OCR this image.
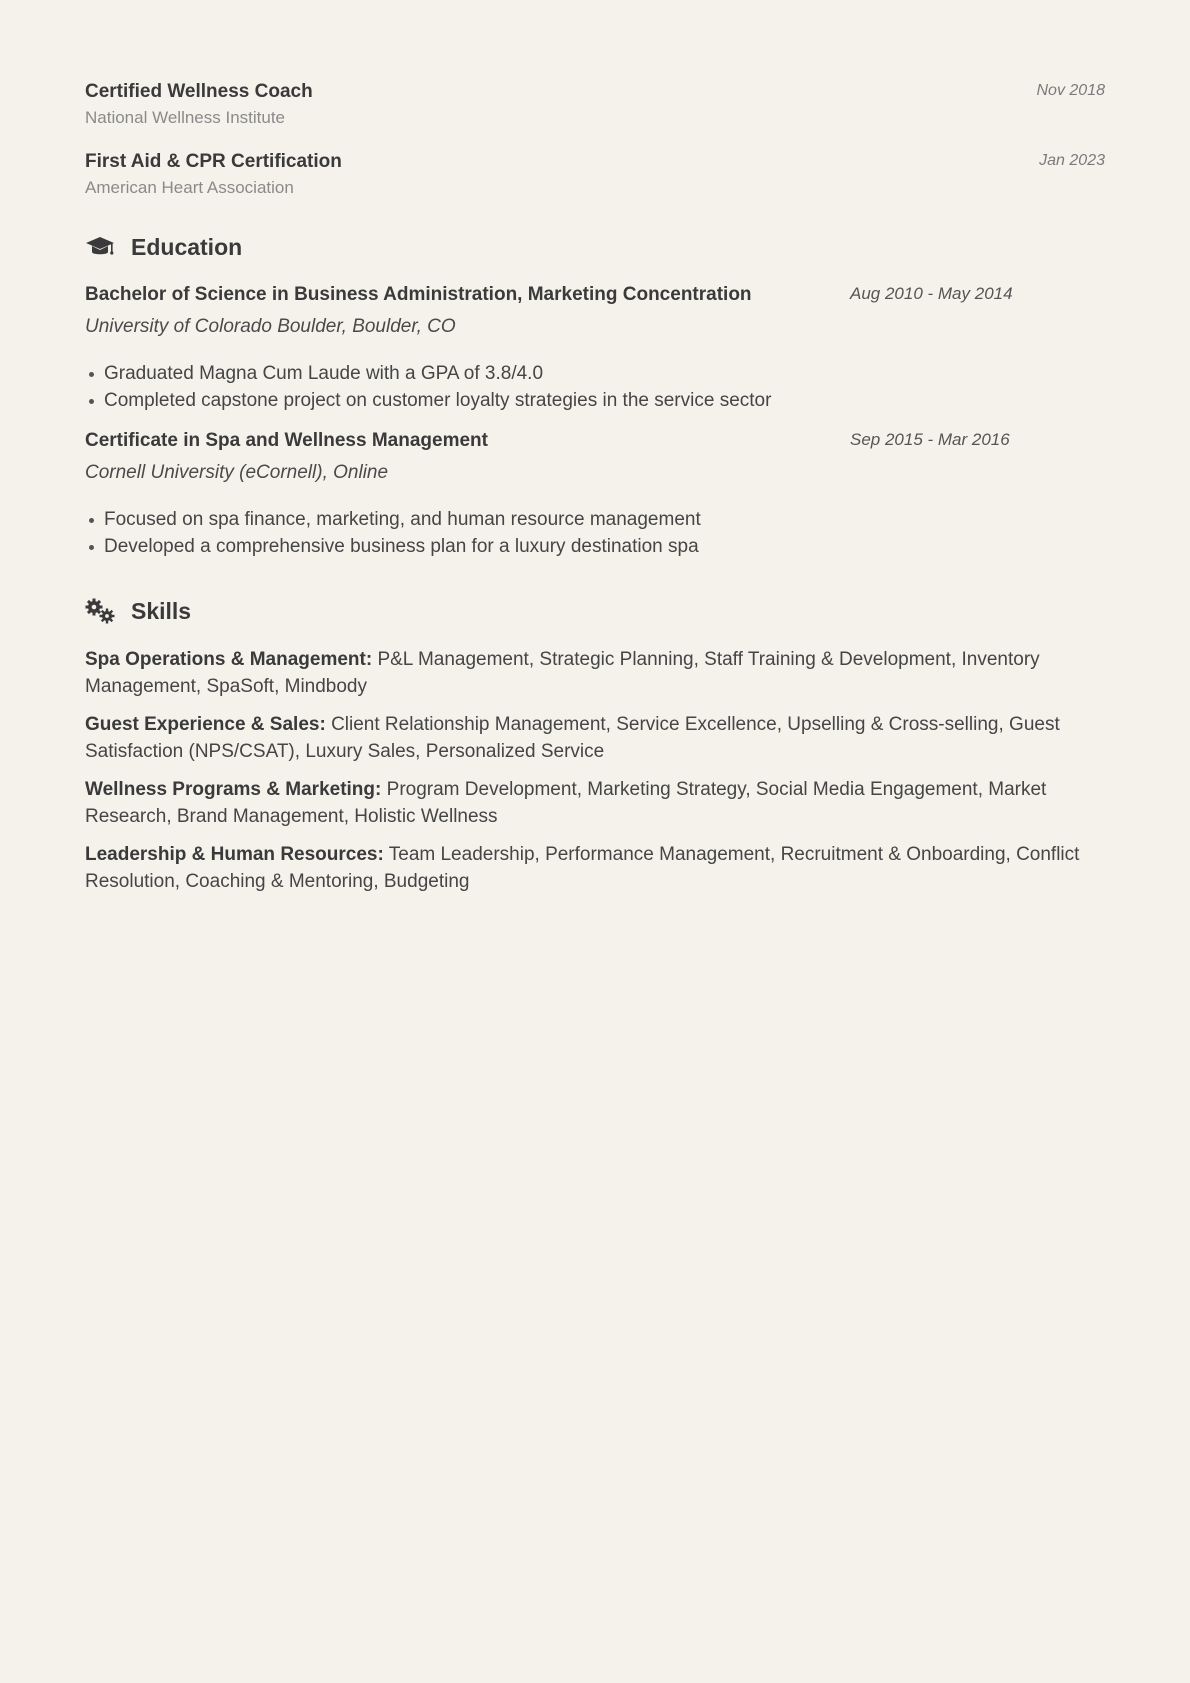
Certified Wellness Coach
National Wellness Institute
Nov 2018
First Aid & CPR Certification
American Heart Association
Jan 2023
Education
Bachelor of Science in Business Administration, Marketing Concentration	Aug 2010 - May 2014
University of Colorado Boulder, Boulder, CO
Graduated Magna Cum Laude with a GPA of 3.8/4.0
Completed capstone project on customer loyalty strategies in the service sector
Certificate in Spa and Wellness Management	Sep 2015 - Mar 2016
Cornell University (eCornell), Online
Focused on spa finance, marketing, and human resource management
Developed a comprehensive business plan for a luxury destination spa
Skills
Spa Operations & Management: P&L Management, Strategic Planning, Staff Training & Development, Inventory Management, SpaSoft, Mindbody
Guest Experience & Sales: Client Relationship Management, Service Excellence, Upselling & Cross-selling, Guest Satisfaction (NPS/CSAT), Luxury Sales, Personalized Service
Wellness Programs & Marketing: Program Development, Marketing Strategy, Social Media Engagement, Market Research, Brand Management, Holistic Wellness
Leadership & Human Resources: Team Leadership, Performance Management, Recruitment & Onboarding, Conflict Resolution, Coaching & Mentoring, Budgeting
